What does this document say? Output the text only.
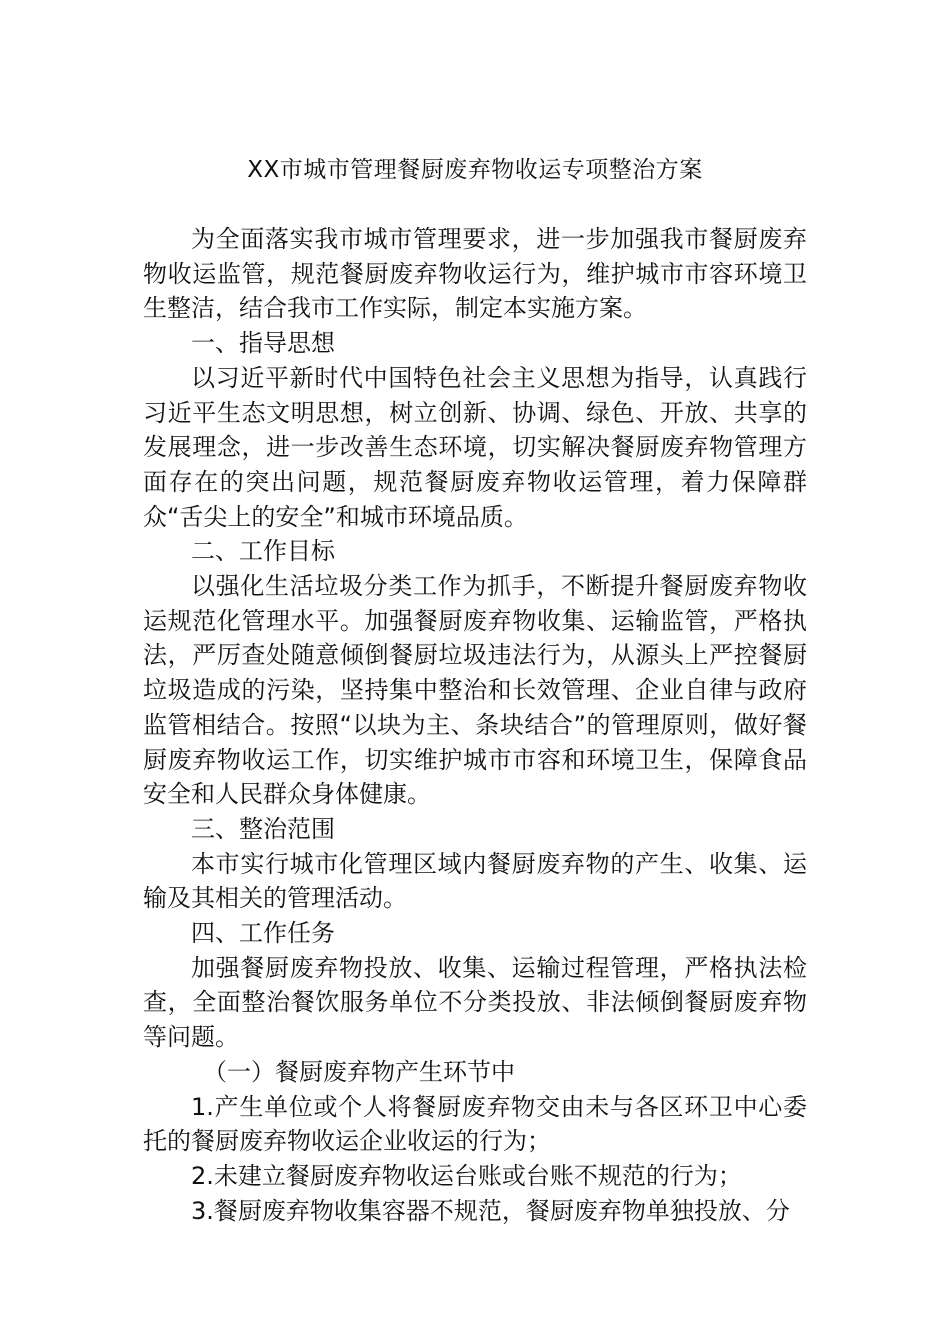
XX市城市管理餐厨废弃物收运专项整治方案

为全面落实我市城市管理要求，进一步加强我市餐厨废弃物收运监管，规范餐厨废弃物收运行为，维护城市市容环境卫生整洁，结合我市工作实际，制定本实施方案。

一、指导思想

以习近平新时代中国特色社会主义思想为指导，认真践行习近平生态文明思想，树立创新、协调、绿色、开放、共享的发展理念，进一步改善生态环境，切实解决餐厨废弃物管理方面存在的突出问题，规范餐厨废弃物收运管理，着力保障群众“舌尖上的安全”和城市环境品质。

二、工作目标

以强化生活垃圾分类工作为抓手，不断提升餐厨废弃物收运规范化管理水平。加强餐厨废弃物收集、运输监管，严格执法，严厉查处随意倾倒餐厨垃圾违法行为，从源头上严控餐厨垃圾造成的污染，坚持集中整治和长效管理、企业自律与政府监管相结合。按照“以块为主、条块结合”的管理原则，做好餐厨废弃物收运工作，切实维护城市市容和环境卫生，保障食品安全和人民群众身体健康。

三、整治范围

本市实行城市化管理区域内餐厨废弃物的产生、收集、运输及其相关的管理活动。

四、工作任务

加强餐厨废弃物投放、收集、运输过程管理，严格执法检查，全面整治餐饮服务单位不分类投放、非法倾倒餐厨废弃物等问题。

（一）餐厨废弃物产生环节中

1.产生单位或个人将餐厨废弃物交由未与各区环卫中心委托的餐厨废弃物收运企业收运的行为；

2.未建立餐厨废弃物收运台账或台账不规范的行为；

3.餐厨废弃物收集容器不规范，餐厨废弃物单独投放、分
